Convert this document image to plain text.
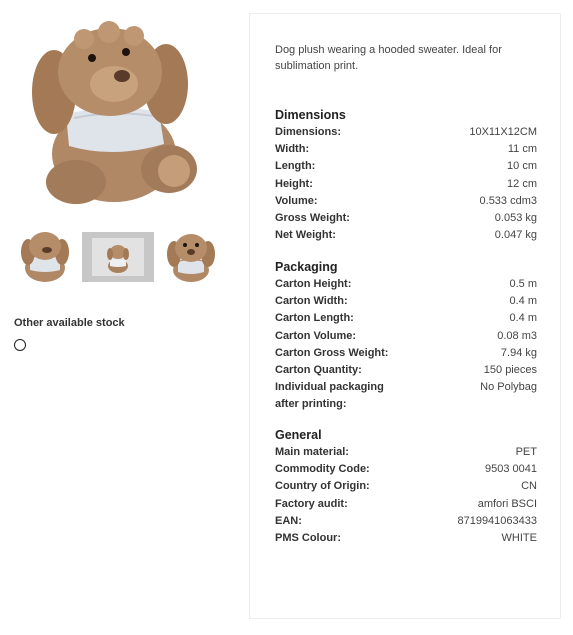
Other available stock

Dog plush wearing a hooded sweater. Ideal for sublimation print.

Dimensions
Dimensions:	10X11X12CM
Width:	11 cm
Length:	10 cm
Height:	12 cm
Volume:	0.533 cdm3
Gross Weight:	0.053 kg
Net Weight:	0.047 kg
Packaging
Carton Height:	0.5 m
Carton Width:	0.4 m
Carton Length:	0.4 m
Carton Volume:	0.08 m3
Carton Gross Weight:	7.94 kg
Carton Quantity:	150 pieces
Individual packaging after printing:
No Polybag
General
Main material:	PET
Commodity Code:	9503 0041
Country of Origin:	CN
Factory audit:	amfori BSCI
EAN:	8719941063433
PMS Colour:	WHITE
